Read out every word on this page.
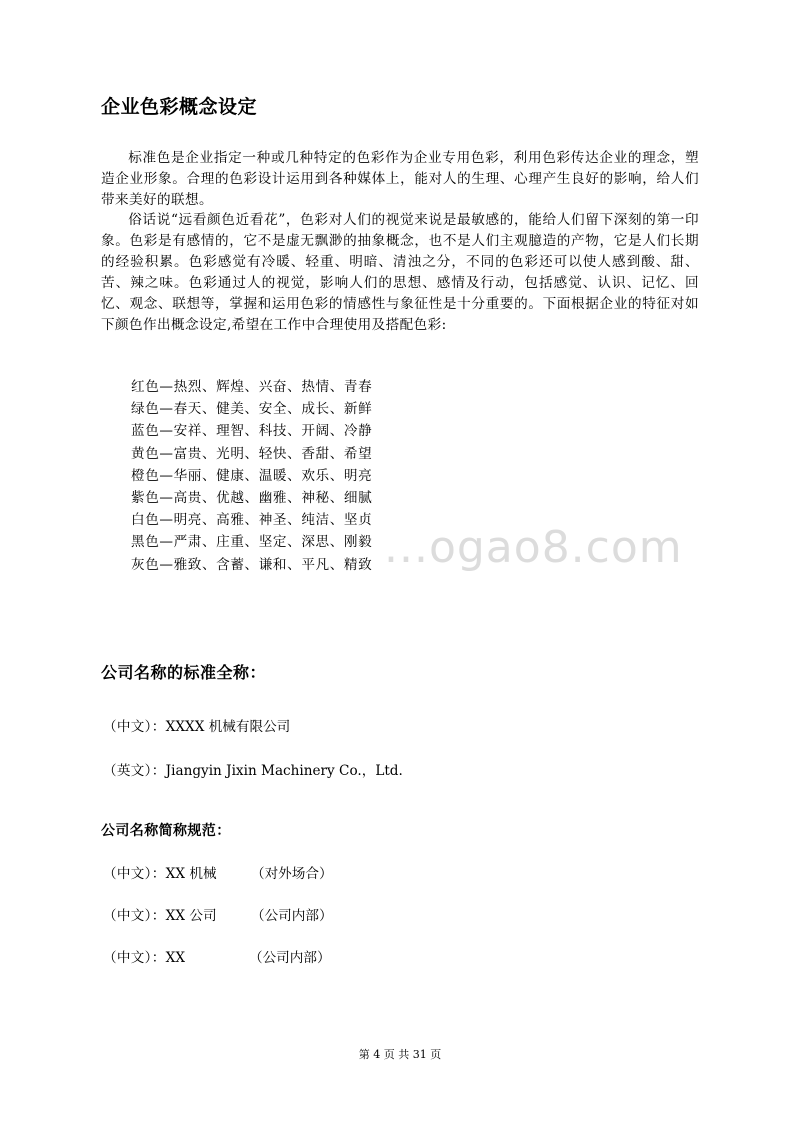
企业色彩概念设定
标准色是企业指定一种或几种特定的色彩作为企业专用色彩，利用色彩传达企业的理念，塑造企业形象。合理的色彩设计运用到各种媒体上，能对人的生理、心理产生良好的影响，给人们带来美好的联想。
俗话说“远看颜色近看花”，色彩对人们的视觉来说是最敏感的，能给人们留下深刻的第一印象。色彩是有感情的，它不是虚无飘渺的抽象概念，也不是人们主观臆造的产物，它是人们长期的经验积累。色彩感觉有冷暖、轻重、明暗、清浊之分，不同的色彩还可以使人感到酸、甜、苦、辣之味。色彩通过人的视觉，影响人们的思想、感情及行动，包括感觉、认识、记忆、回忆、观念、联想等，掌握和运用色彩的情感性与象征性是十分重要的。下面根据企业的特征对如下颜色作出概念设定,希望在工作中合理使用及搭配色彩:
红色—热烈、辉煌、兴奋、热情、青春
绿色—春天、健美、安全、成长、新鲜
蓝色—安祥、理智、科技、开阔、冷静
黄色—富贵、光明、轻快、香甜、希望
橙色—华丽、健康、温暖、欢乐、明亮
紫色—高贵、优越、幽雅、神秘、细腻
白色—明亮、高雅、神圣、纯洁、坚贞
黑色—严肃、庄重、坚定、深思、刚毅
灰色—雅致、含蓄、谦和、平凡、精致 ...ogao8.com
公司名称的标准全称：
（中文）：XXXX 机械有限公司
（英文）：Jiangyin Jixin Machinery Co.，Ltd.
公司名称简称规范：
（中文）：XX 机械	（对外场合）
（中文）：XX 公司	（公司内部）
（中文）：XX	（公司内部）
第 4 页 共 31 页
